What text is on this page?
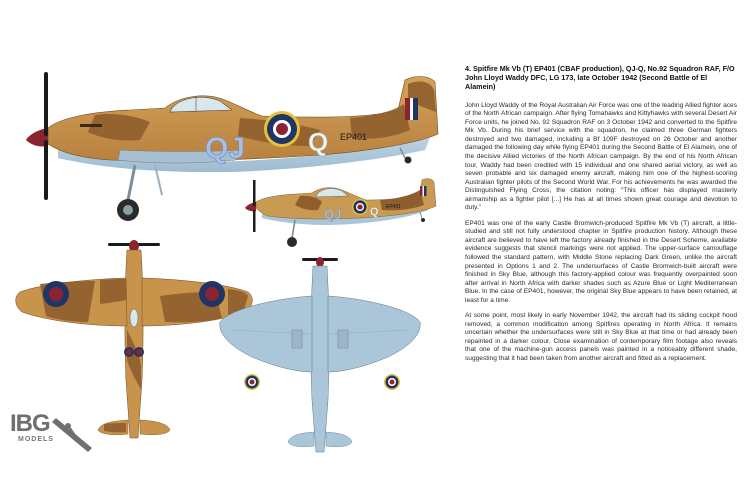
QJ Q EP401
QJ	Q EP401
IBG
MODELS
4. Spitfire Mk Vb (T) EP401 (CBAF production), QJ-Q, No.92 Squadron RAF, F/O John Lloyd Waddy DFC, LG 173, late October 1942 (Second Battle of El Alamein)

John Lloyd Waddy of the Royal Australian Air Force was one of the leading Allied fighter aces of the North African campaign. After flying Tomahawks and Kittyhawks with several Desert Air Force units, he joined No. 92 Squadron RAF on 3 October 1942 and converted to the Spitfire Mk Vb. During his brief service with the squadron, he claimed three German fighters destroyed and two damaged, including a Bf 109F destroyed on 26 October and another damaged the following day while flying EP401 during the Second Battle of El Alamein, one of the decisive Allied victories of the North African campaign. By the end of his North African tour, Waddy had been credited with 15 individual and one shared aerial victory, as well as seven probable and six damaged enemy aircraft, making him one of the highest-scoring Australian fighter pilots of the Second World War. For his achievements he was awarded the Distinguished Flying Cross, the citation noting: “This officer has displayed masterly airmanship as a fighter pilot [...] He has at all times shown great courage and devotion to duty.”

EP401 was one of the early Castle Bromwich-produced Spitfire Mk Vb (T) aircraft, a little-studied and still not fully understood chapter in Spitfire production history. Although these aircraft are believed to have left the factory already finished in the Desert Scheme, available evidence suggests that stencil markings were not applied. The upper-surface camouflage followed the standard pattern, with Middle Stone replacing Dark Green, unlike the aircraft presented in Options 1 and 2. The undersurfaces of Castle Bromwich-built aircraft were finished in Sky Blue, although this factory-applied colour was frequently overpainted soon after arrival in North Africa with darker shades such as Azure Blue or Light Mediterranean Blue. In the case of EP401, however, the original Sky Blue appears to have been retained, at least for a time.

At some point, most likely in early November 1942, the aircraft had its sliding cockpit hood removed, a common modification among Spitfires operating in North Africa. It remains uncertain whether the undersurfaces were still in Sky Blue at that time or had already been repainted in a darker colour. Close examination of contemporary film footage also reveals that one of the machine-gun access panels was painted in a noticeably different shade, suggesting that it had been taken from another aircraft and fitted as a replacement.
